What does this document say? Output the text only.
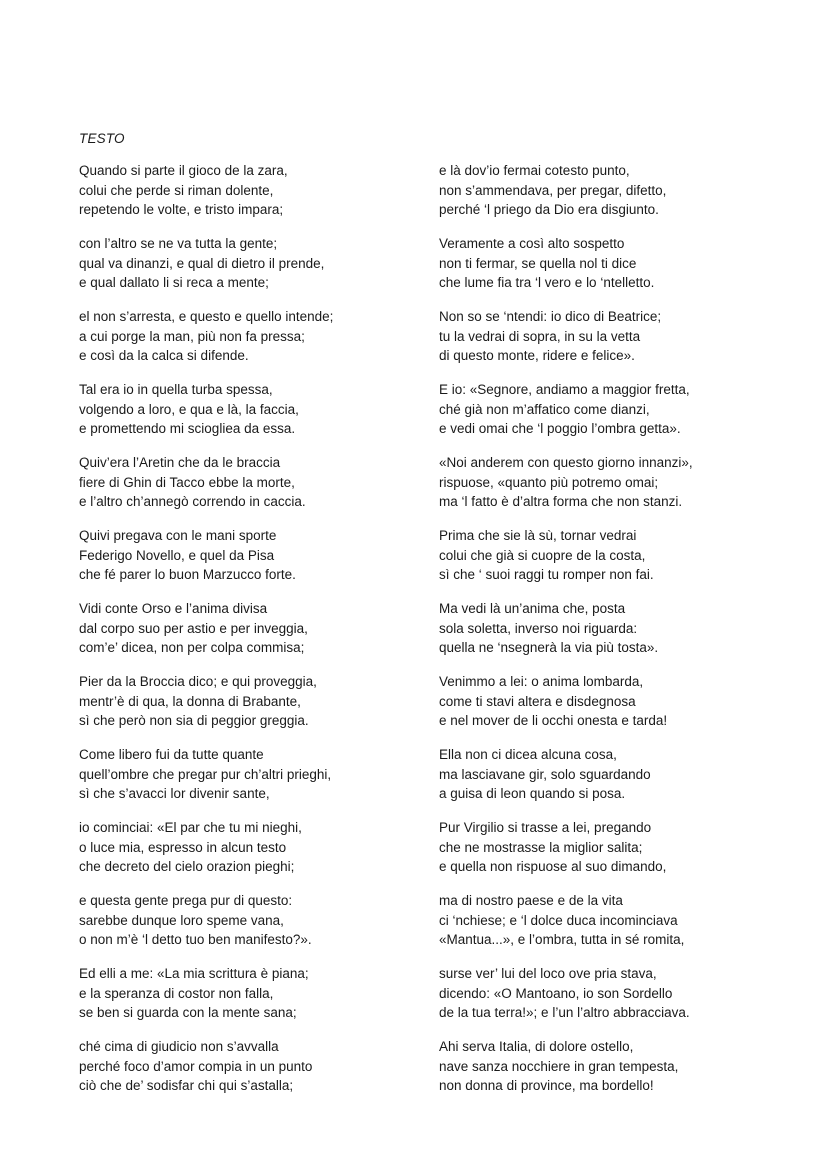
TESTO
Quando si parte il gioco de la zara,
colui che perde si riman dolente,
repetendo le volte, e tristo impara;
con l’altro se ne va tutta la gente;
qual va dinanzi, e qual di dietro il prende,
e qual dallato li si reca a mente;
el non s’arresta, e questo e quello intende;
a cui porge la man, più non fa pressa;
e così da la calca si difende.
Tal era io in quella turba spessa,
volgendo a loro, e qua e là, la faccia,
e promettendo mi sciogliea da essa.
Quiv’era l’Aretin che da le braccia
fiere di Ghin di Tacco ebbe la morte,
e l’altro ch’annegò correndo in caccia.
Quivi pregava con le mani sporte
Federigo Novello, e quel da Pisa
che fé parer lo buon Marzucco forte.
Vidi conte Orso e l’anima divisa
dal corpo suo per astio e per inveggia,
com’e’ dicea, non per colpa commisa;
Pier da la Broccia dico; e qui proveggia,
mentr’è di qua, la donna di Brabante,
sì che però non sia di peggior greggia.
Come libero fui da tutte quante
quell’ombre che pregar pur ch’altri prieghi,
sì che s’avacci lor divenir sante,
io cominciai: «El par che tu mi nieghi,
o luce mia, espresso in alcun testo
che decreto del cielo orazion pieghi;
e questa gente prega pur di questo:
sarebbe dunque loro speme vana,
o non m’è ‘l detto tuo ben manifesto?».
Ed elli a me: «La mia scrittura è piana;
e la speranza di costor non falla,
se ben si guarda con la mente sana;
ché cima di giudicio non s’avvalla
perché foco d’amor compia in un punto
ciò che de’ sodisfar chi qui s’astalla;
e là dov’io fermai cotesto punto,
non s’ammendava, per pregar, difetto,
perché ‘l priego da Dio era disgiunto.
Veramente a così alto sospetto
non ti fermar, se quella nol ti dice
che lume fia tra ‘l vero e lo ‘ntelletto.
Non so se ‘ntendi: io dico di Beatrice;
tu la vedrai di sopra, in su la vetta
di questo monte, ridere e felice».
E io: «Segnore, andiamo a maggior fretta,
ché già non m’affatico come dianzi,
e vedi omai che ‘l poggio l’ombra getta».
«Noi anderem con questo giorno innanzi»,
rispuose, «quanto più potremo omai;
ma ‘l fatto è d’altra forma che non stanzi.
Prima che sie là sù, tornar vedrai
colui che già si cuopre de la costa,
sì che ‘ suoi raggi tu romper non fai.
Ma vedi là un’anima che, posta
sola soletta, inverso noi riguarda:
quella ne ‘nsegnerà la via più tosta».
Venimmo a lei: o anima lombarda,
come ti stavi altera e disdegnosa
e nel mover de li occhi onesta e tarda!
Ella non ci dicea alcuna cosa,
ma lasciavane gir, solo sguardando
a guisa di leon quando si posa.
Pur Virgilio si trasse a lei, pregando
che ne mostrasse la miglior salita;
e quella non rispuose al suo dimando,
ma di nostro paese e de la vita
ci ‘nchiese; e ‘l dolce duca incominciava
«Mantua...», e l’ombra, tutta in sé romita,
surse ver’ lui del loco ove pria stava,
dicendo: «O Mantoano, io son Sordello
de la tua terra!»; e l’un l’altro abbracciava.
Ahi serva Italia, di dolore ostello,
nave sanza nocchiere in gran tempesta,
non donna di province, ma bordello!
